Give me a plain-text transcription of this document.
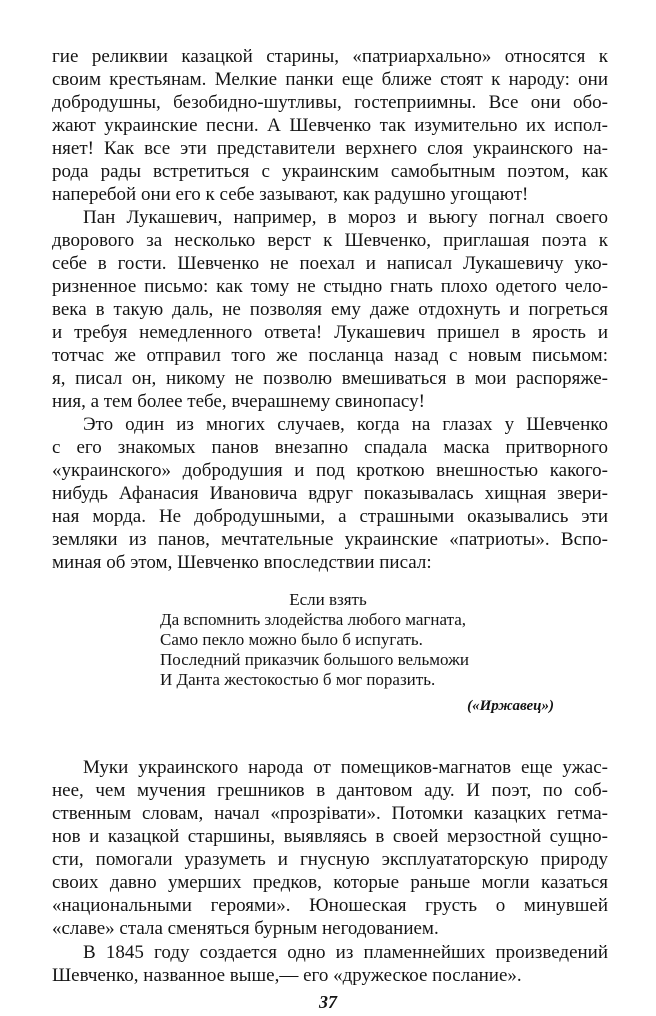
гие реликвии казацкой старины, «патриархально» относятся к
своим крестьянам. Мелкие панки еще ближе стоят к народу: они
добродушны, безобидно-шутливы, гостеприимны. Все они обо-
жают украинские песни. А Шевченко так изумительно их испол-
няет! Как все эти представители верхнего слоя украинского на-
рода рады встретиться с украинским самобытным поэтом, как
наперебой они его к себе зазывают, как радушно угощают!
Пан Лукашевич, например, в мороз и вьюгу погнал своего
дворового за несколько верст к Шевченко, приглашая поэта к
себе в гости. Шевченко не поехал и написал Лукашевичу уко-
ризненное письмо: как тому не стыдно гнать плохо одетого чело-
века в такую даль, не позволяя ему даже отдохнуть и погреться
и требуя немедленного ответа! Лукашевич пришел в ярость и
тотчас же отправил того же посланца назад с новым письмом:
я, писал он, никому не позволю вмешиваться в мои распоряже-
ния, а тем более тебе, вчерашнему свинопасу!
Это один из многих случаев, когда на глазах у Шевченко
с его знакомых панов внезапно спадала маска притворного
«украинского» добродушия и под кроткою внешностью какого-
нибудь Афанасия Ивановича вдруг показывалась хищная звери-
ная морда. Не добродушными, а страшными оказывались эти
земляки из панов, мечтательные украинские «патриоты». Вспо-
миная об этом, Шевченко впоследствии писал:
Если взять
Да вспомнить злодейства любого магната,
Само пекло можно было б испугать.
Последний приказчик большого вельможи
И Данта жестокостью б мог поразить.
(«Иржавец»)
Муки украинского народа от помещиков-магнатов еще ужас-
нее, чем мучения грешников в дантовом аду. И поэт, по соб-
ственным словам, начал «прозрiвати». Потомки казацких гетма-
нов и казацкой старшины, выявляясь в своей мерзостной сущно-
сти, помогали уразуметь и гнусную эксплуататорскую природу
своих давно умерших предков, которые раньше могли казаться
«национальными героями». Юношеская грусть о минувшей
«славе» стала сменяться бурным негодованием.
В 1845 году создается одно из пламеннейших произведений
Шевченко, названное выше,— его «дружеское послание».
37
